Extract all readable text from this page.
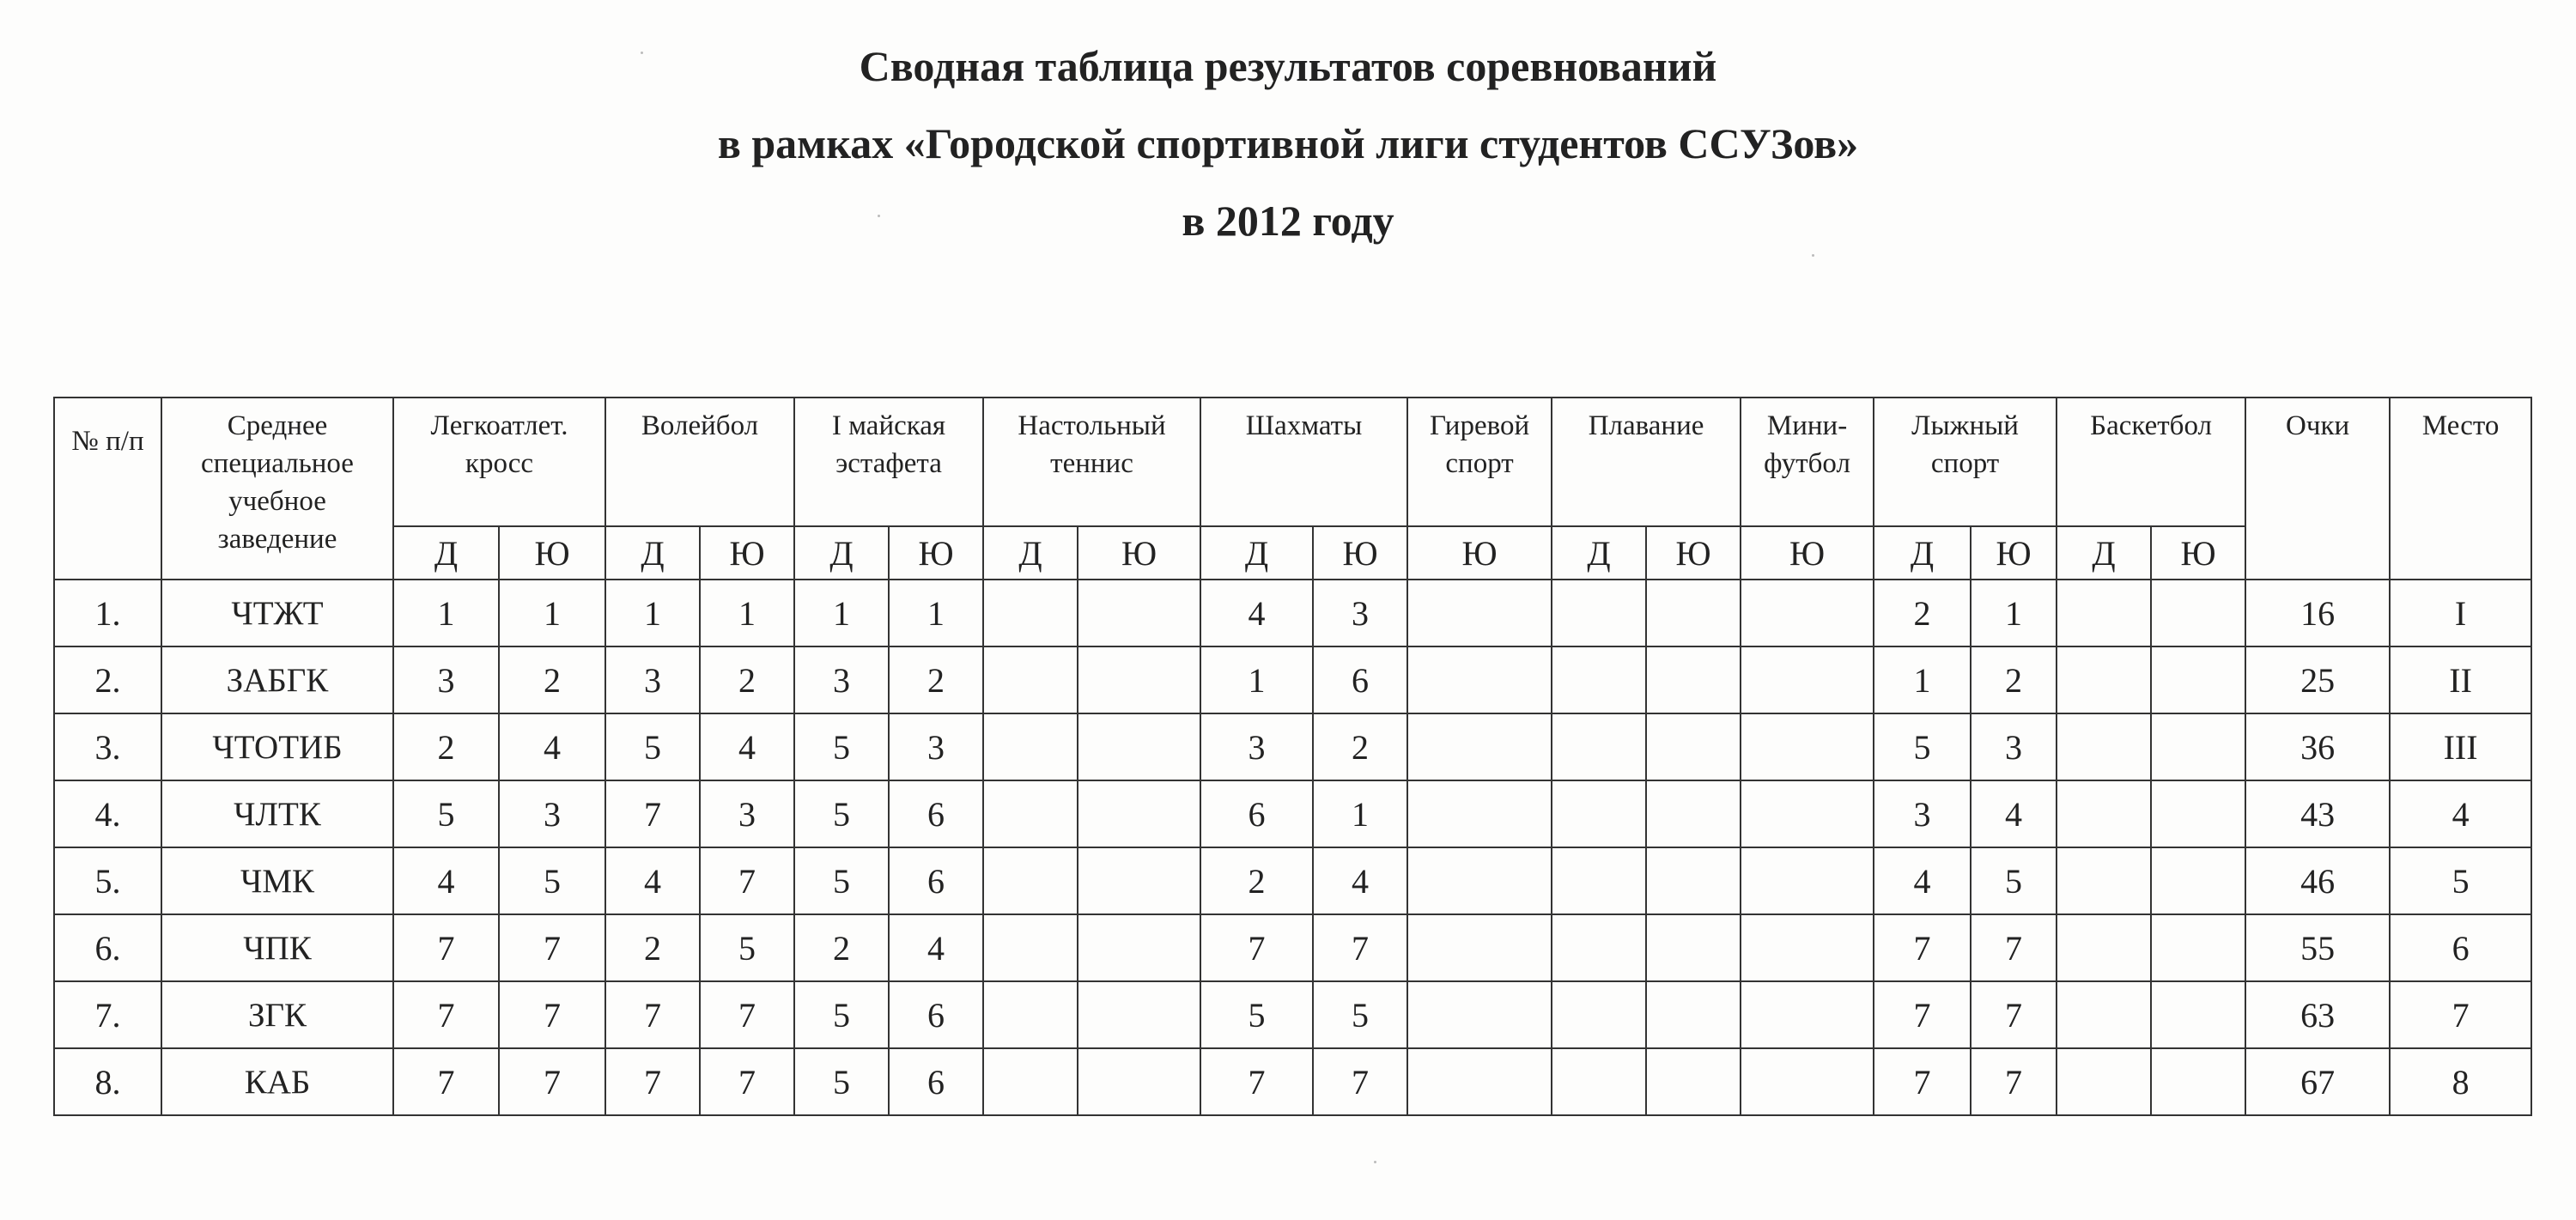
Сводная таблица результатов соревнований
в рамках «Городской спортивной лиги студентов ССУЗов»
в 2012 году
№ п/п	Среднее специальное учебное заведение	Легкоатлет. кросс		Волейбол		I майская эстафета		Настольный теннис		Шахматы		Гиревой спорт	Плавание		Мини-футбол	Лыжный спорт		Баскетбол		Очки	Место

		Д	Ю	Д	Ю	Д	Ю	Д	Ю	Д	Ю	Ю	Д	Ю	Ю	Д	Ю	Д	Ю		
1.	ЧТЖТ	1	1	1	1	1	1			4	3					2	1			16	I
2.	ЗАБГК	3	2	3	2	3	2			1	6					1	2			25	II
3.	ЧТОТИБ	2	4	5	4	5	3			3	2					5	3			36	III
4.	ЧЛТК	5	3	7	3	5	6			6	1					3	4			43	4
5.	ЧМК	4	5	4	7	5	6			2	4					4	5			46	5
6.	ЧПК	7	7	2	5	2	4			7	7					7	7			55	6
7.	ЗГК	7	7	7	7	5	6			5	5					7	7			63	7
8.	КАБ	7	7	7	7	5	6			7	7					7	7			67	8
